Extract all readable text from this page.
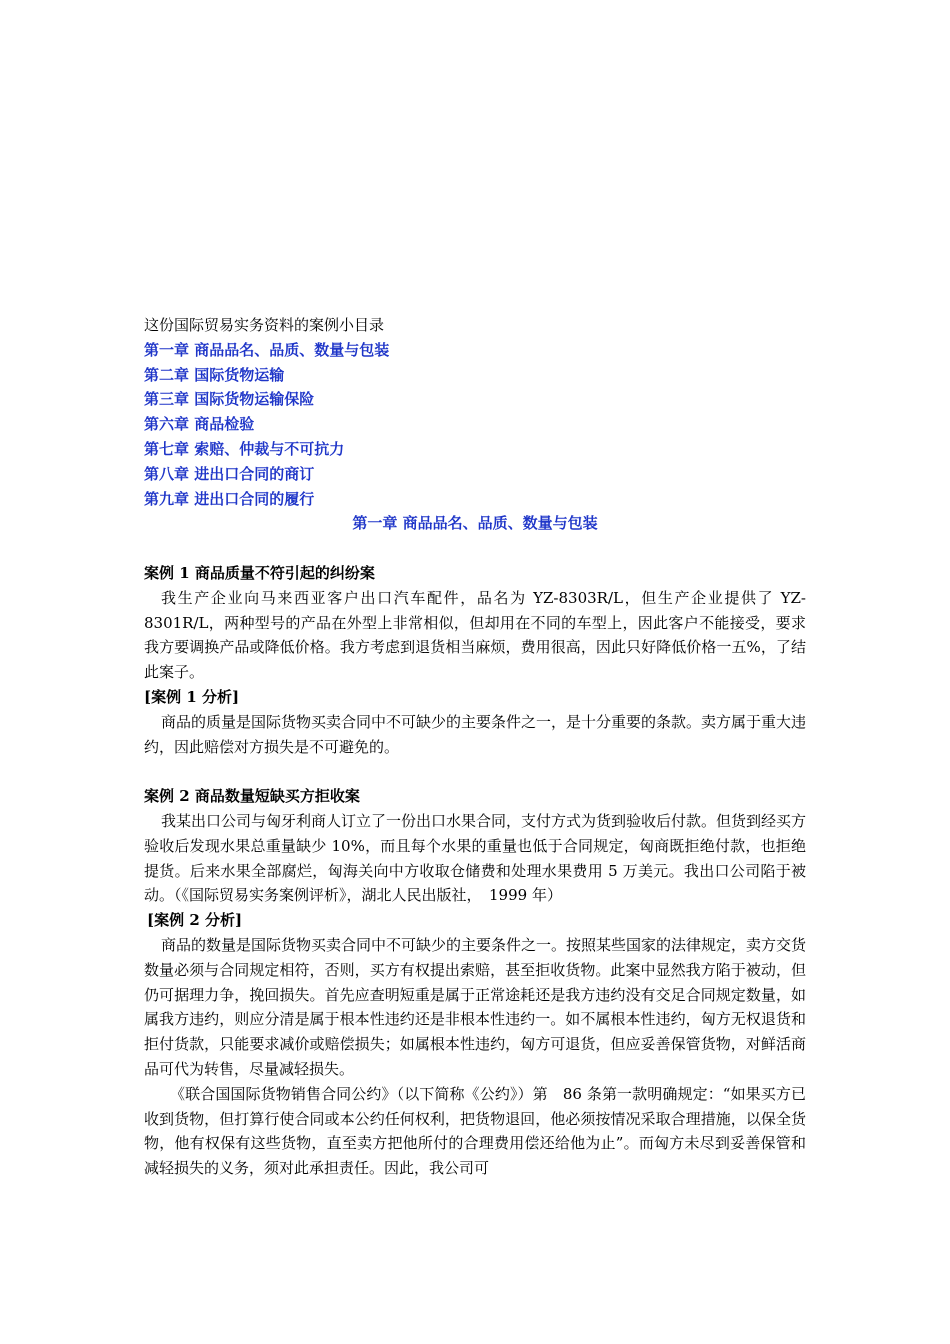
这份国际贸易实务资料的案例小目录

第一章 商品品名、品质、数量与包装
第二章 国际货物运输
第三章 国际货物运输保险
第六章 商品检验
第七章 索赔、仲裁与不可抗力
第八章 进出口合同的商订
第九章 进出口合同的履行

第一章 商品品名、品质、数量与包装

案例 1 商品质量不符引起的纠纷案

我生产企业向马来西亚客户出口汽车配件，品名为 YZ-8303R/L，但生产企业提供了 YZ-8301R/L，两种型号的产品在外型上非常相似，但却用在不同的车型上，因此客户不能接受，要求我方要调换产品或降低价格。我方考虑到退货相当麻烦，费用很高，因此只好降低价格一五%，了结此案子。

[案例 1 分析]

商品的质量是国际货物买卖合同中不可缺少的主要条件之一，是十分重要的条款。卖方属于重大违约，因此赔偿对方损失是不可避免的。

案例 2 商品数量短缺买方拒收案

我某出口公司与匈牙利商人订立了一份出口水果合同，支付方式为货到验收后付款。但货到经买方验收后发现水果总重量缺少 10%，而且每个水果的重量也低于合同规定，匈商既拒绝付款，也拒绝提货。后来水果全部腐烂，匈海关向中方收取仓储费和处理水果费用 5 万美元。我出口公司陷于被动。（《国际贸易实务案例评析》，湖北人民出版社，　1999 年）

[案例 2 分析]

商品的数量是国际货物买卖合同中不可缺少的主要条件之一。按照某些国家的法律规定，卖方交货数量必须与合同规定相符，否则，买方有权提出索赔，甚至拒收货物。此案中显然我方陷于被动，但仍可据理力争，挽回损失。首先应查明短重是属于正常途耗还是我方违约没有交足合同规定数量，如属我方违约，则应分清是属于根本性违约还是非根本性违约一。如不属根本性违约，匈方无权退货和拒付货款，只能要求减价或赔偿损失；如属根本性违约，匈方可退货，但应妥善保管货物，对鲜活商品可代为转售，尽量减轻损失。

《联合国国际货物销售合同公约》（以下简称《公约》）第　86 条第一款明确规定：“如果买方已收到货物，但打算行使合同或本公约任何权利，把货物退回，他必须按情况采取合理措施，以保全货物，他有权保有这些货物，直至卖方把他所付的合理费用偿还给他为止”。而匈方未尽到妥善保管和减轻损失的义务，须对此承担责任。因此，我公司可
